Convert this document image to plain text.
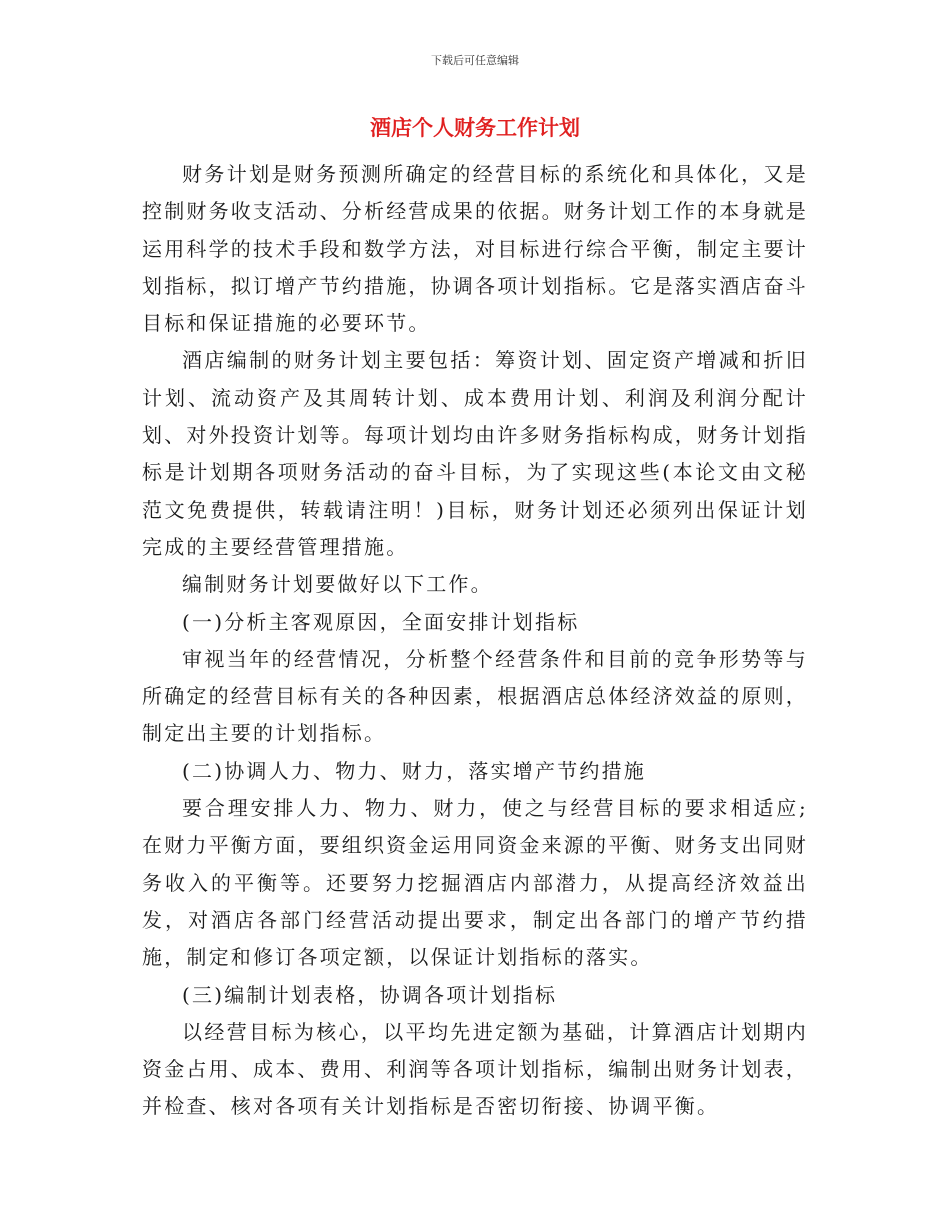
下载后可任意编辑
酒店个人财务工作计划

财务计划是财务预测所确定的经营目标的系统化和具体化，又是控制财务收支活动、分析经营成果的依据。财务计划工作的本身就是运用科学的技术手段和数学方法，对目标进行综合平衡，制定主要计划指标，拟订增产节约措施，协调各项计划指标。它是落实酒店奋斗目标和保证措施的必要环节。

酒店编制的财务计划主要包括：筹资计划、固定资产增减和折旧计划、流动资产及其周转计划、成本费用计划、利润及利润分配计划、对外投资计划等。每项计划均由许多财务指标构成，财务计划指标是计划期各项财务活动的奋斗目标，为了实现这些(本论文由文秘范文免费提供，转载请注明！)目标，财务计划还必须列出保证计划完成的主要经营管理措施。

编制财务计划要做好以下工作。

(一)分析主客观原因，全面安排计划指标

审视当年的经营情况，分析整个经营条件和目前的竞争形势等与所确定的经营目标有关的各种因素，根据酒店总体经济效益的原则，制定出主要的计划指标。

(二)协调人力、物力、财力，落实增产节约措施

要合理安排人力、物力、财力，使之与经营目标的要求相适应;在财力平衡方面，要组织资金运用同资金来源的平衡、财务支出同财务收入的平衡等。还要努力挖掘酒店内部潜力，从提高经济效益出发，对酒店各部门经营活动提出要求，制定出各部门的增产节约措施，制定和修订各项定额，以保证计划指标的落实。

(三)编制计划表格，协调各项计划指标

以经营目标为核心，以平均先进定额为基础，计算酒店计划期内资金占用、成本、费用、利润等各项计划指标，编制出财务计划表，并检查、核对各项有关计划指标是否密切衔接、协调平衡。
